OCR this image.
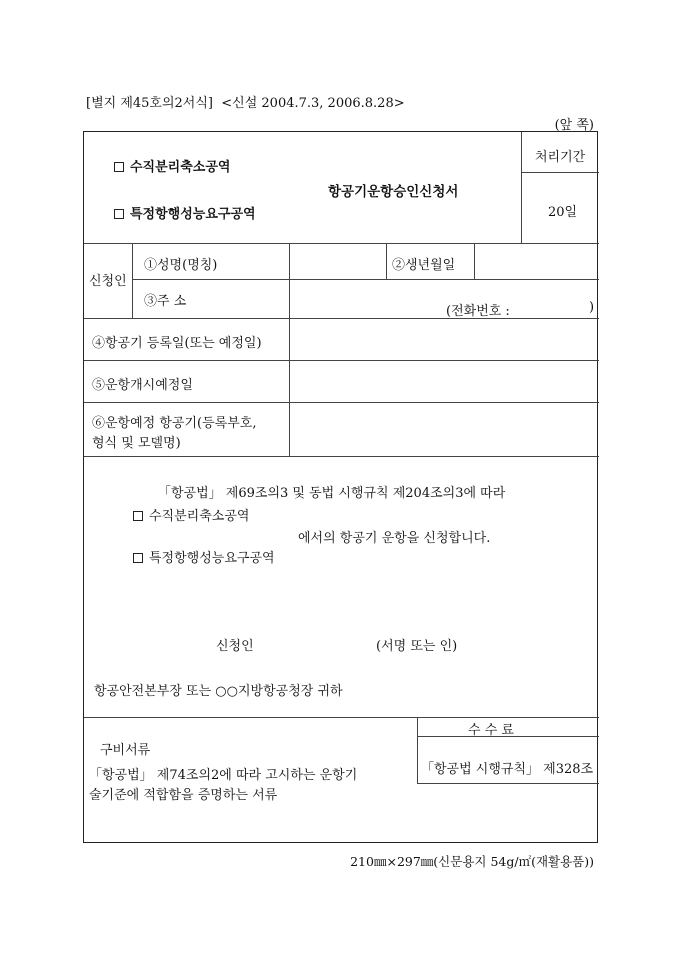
[별지 제45호의2서식] <신설 2004.7.3, 2006.8.28>
(앞 쪽)
수직분리축소공역
특정항행성능요구공역
항공기운항승인신청서
처리기간
20일
신청인
①성명(명칭)	②생년월일
③주 소
(전화번호 :	)
④항공기 등록일(또는 예정일)
⑤운항개시예정일
⑥운항예정 항공기(등록부호,
형식 및 모델명)
「항공법」 제69조의3 및 동법 시행규칙 제204조의3에 따라
수직분리축소공역
에서의 항공기 운항을 신청합니다.
특정항행성능요구공역
신청인	(서명 또는 인)
항공안전본부장 또는 ○○지방항공청장 귀하
수 수 료
「항공법 시행규칙」 제328조
구비서류
「항공법」 제74조의2에 따라 고시하는 운항기
술기준에 적합함을 증명하는 서류
210㎜×297㎜(신문용지 54g/㎡(재활용품))
